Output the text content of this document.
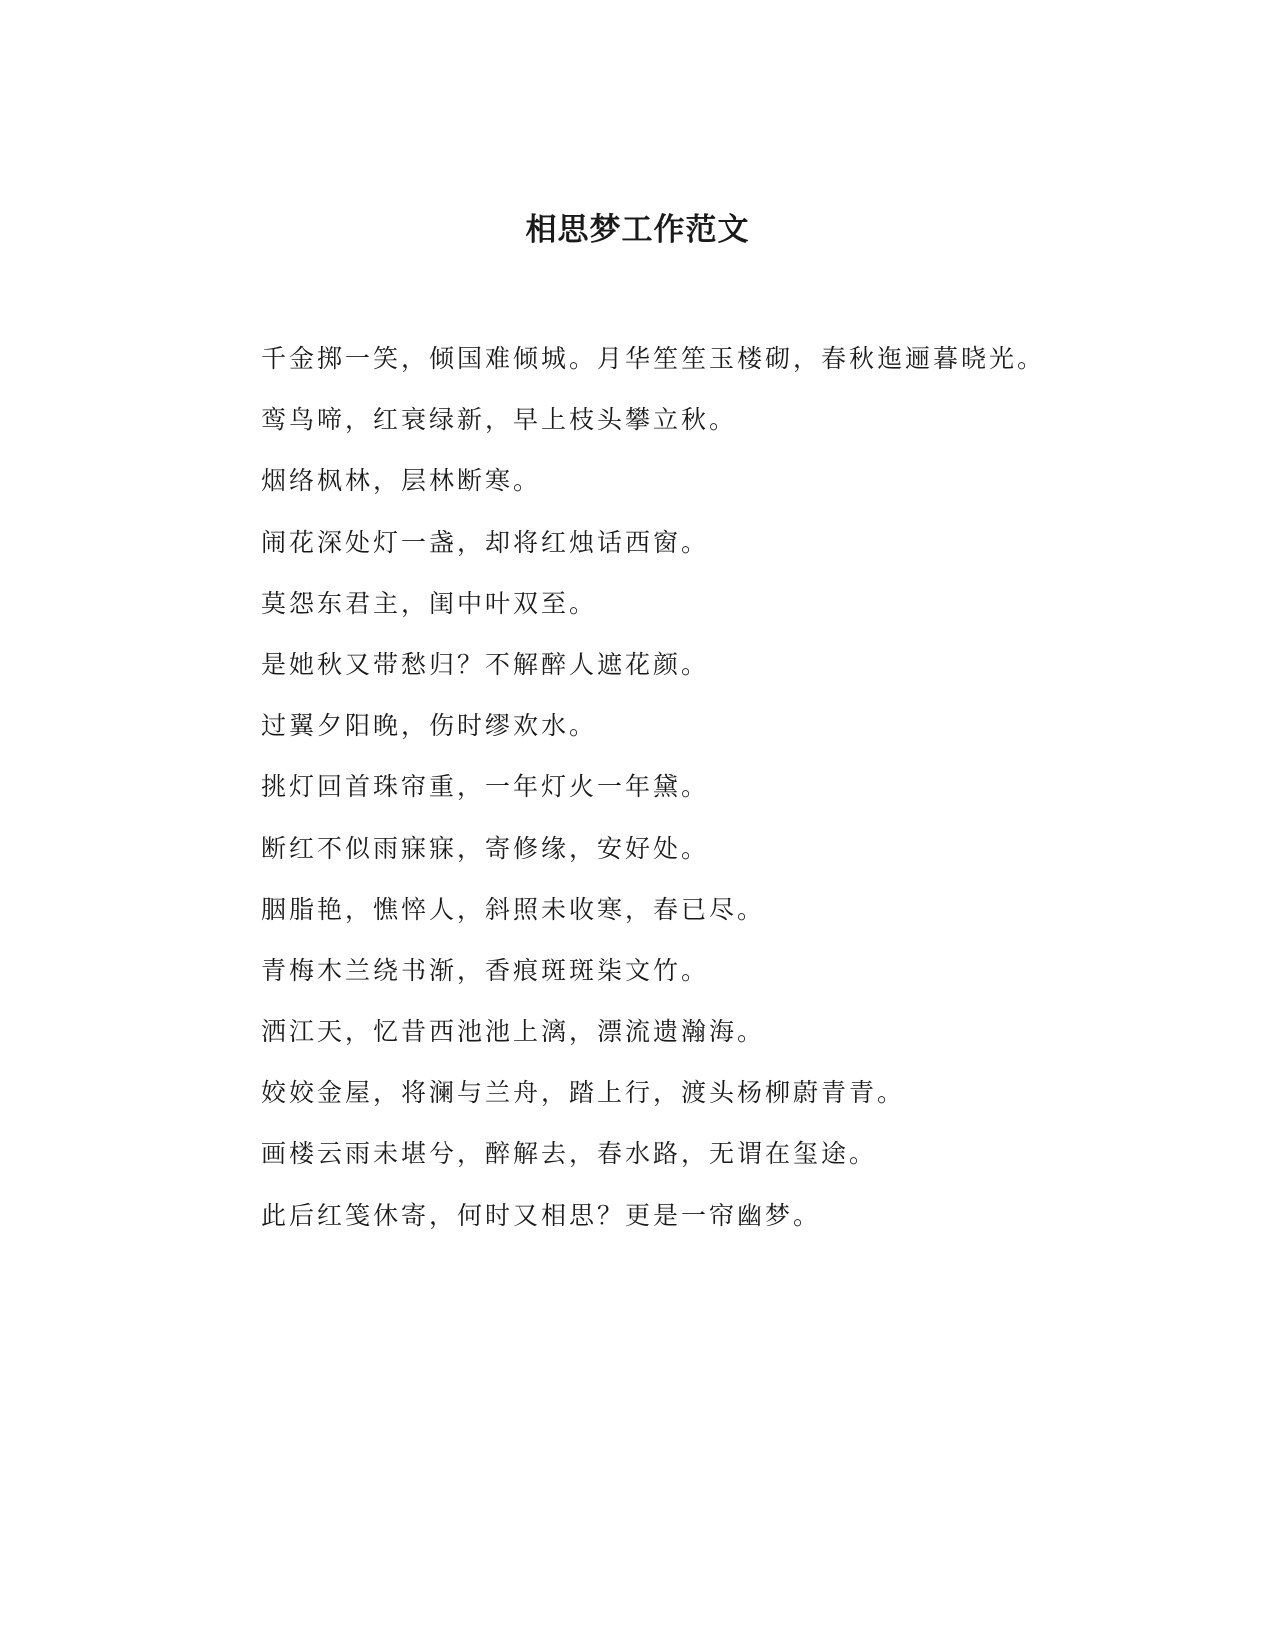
相思梦工作范文

千金掷一笑，倾国难倾城。月华笙笙玉楼砌，春秋迤逦暮晓光。

鸾鸟啼，红衰绿新，早上枝头攀立秋。

烟络枫林，层林断寒。

闹花深处灯一盏，却将红烛话西窗。

莫怨东君主，闺中叶双至。

是她秋又带愁归？不解醉人遮花颜。

过翼夕阳晚，伤时缪欢水。

挑灯回首珠帘重，一年灯火一年黛。

断红不似雨寐寐，寄修缘，安好处。

胭脂艳，憔悴人，斜照未收寒，春已尽。

青梅木兰绕书渐，香痕斑斑柒文竹。

洒江天，忆昔西池池上漓，漂流遗瀚海。

姣姣金屋，将澜与兰舟，踏上行，渡头杨柳蔚青青。

画楼云雨未堪兮，醉解去，春水路，无谓在玺途。

此后红笺休寄，何时又相思？更是一帘幽梦。
